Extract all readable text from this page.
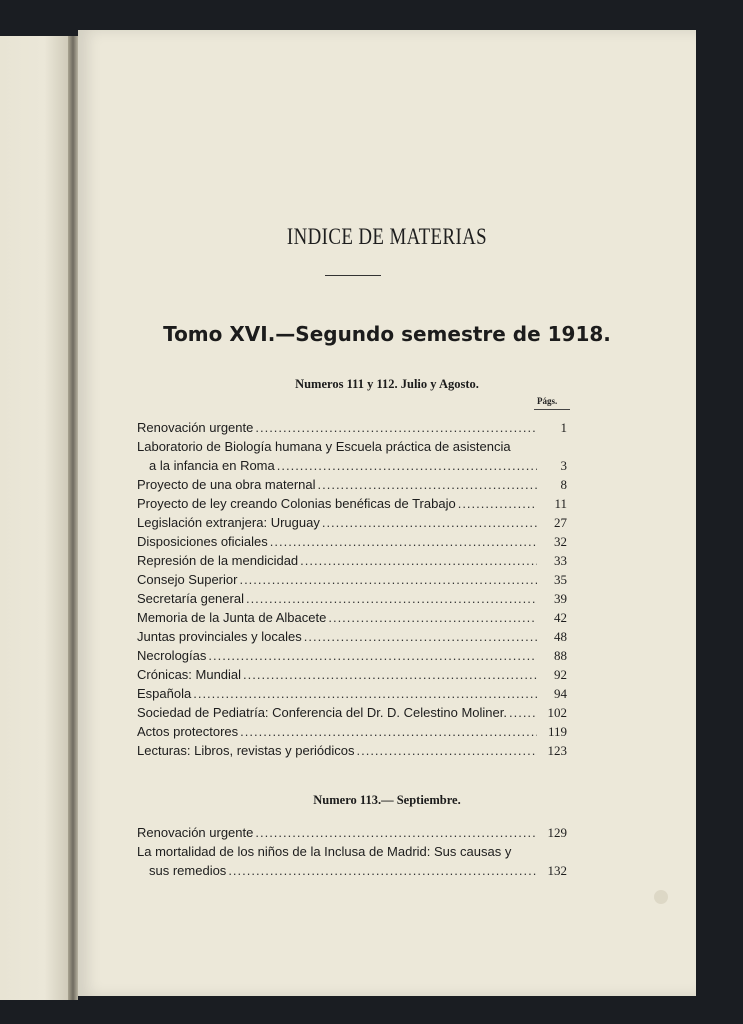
INDICE DE MATERIAS
Tomo XVI.—Segundo semestre de 1918.
Numeros 111 y 112. Julio y Agosto.
Págs.
Renovación urgente .....	1
Laboratorio de Biología humana y Escuela práctica de asistencia
a la infancia en Roma .....	3
Proyecto de una obra maternal .....	8
Proyecto de ley creando Colonias benéficas de Trabajo .....	11
Legislación extranjera: Uruguay .....	27
Disposiciones oficiales .....	32
Represión de la mendicidad .....	33
Consejo Superior .....	35
Secretaría general .....	39
Memoria de la Junta de Albacete .....	42
Juntas provinciales y locales .....	48
Necrologías .....	88
Crónicas: Mundial .....	92
Española .....	94
Sociedad de Pediatría: Conferencia del Dr. D. Celestino Moliner. .....	102
Actos protectores .....	119
Lecturas: Libros, revistas y periódicos .....	123
Numero 113.— Septiembre.
Renovación urgente .....	129
La mortalidad de los niños de la Inclusa de Madrid: Sus causas y
sus remedios .....	132
